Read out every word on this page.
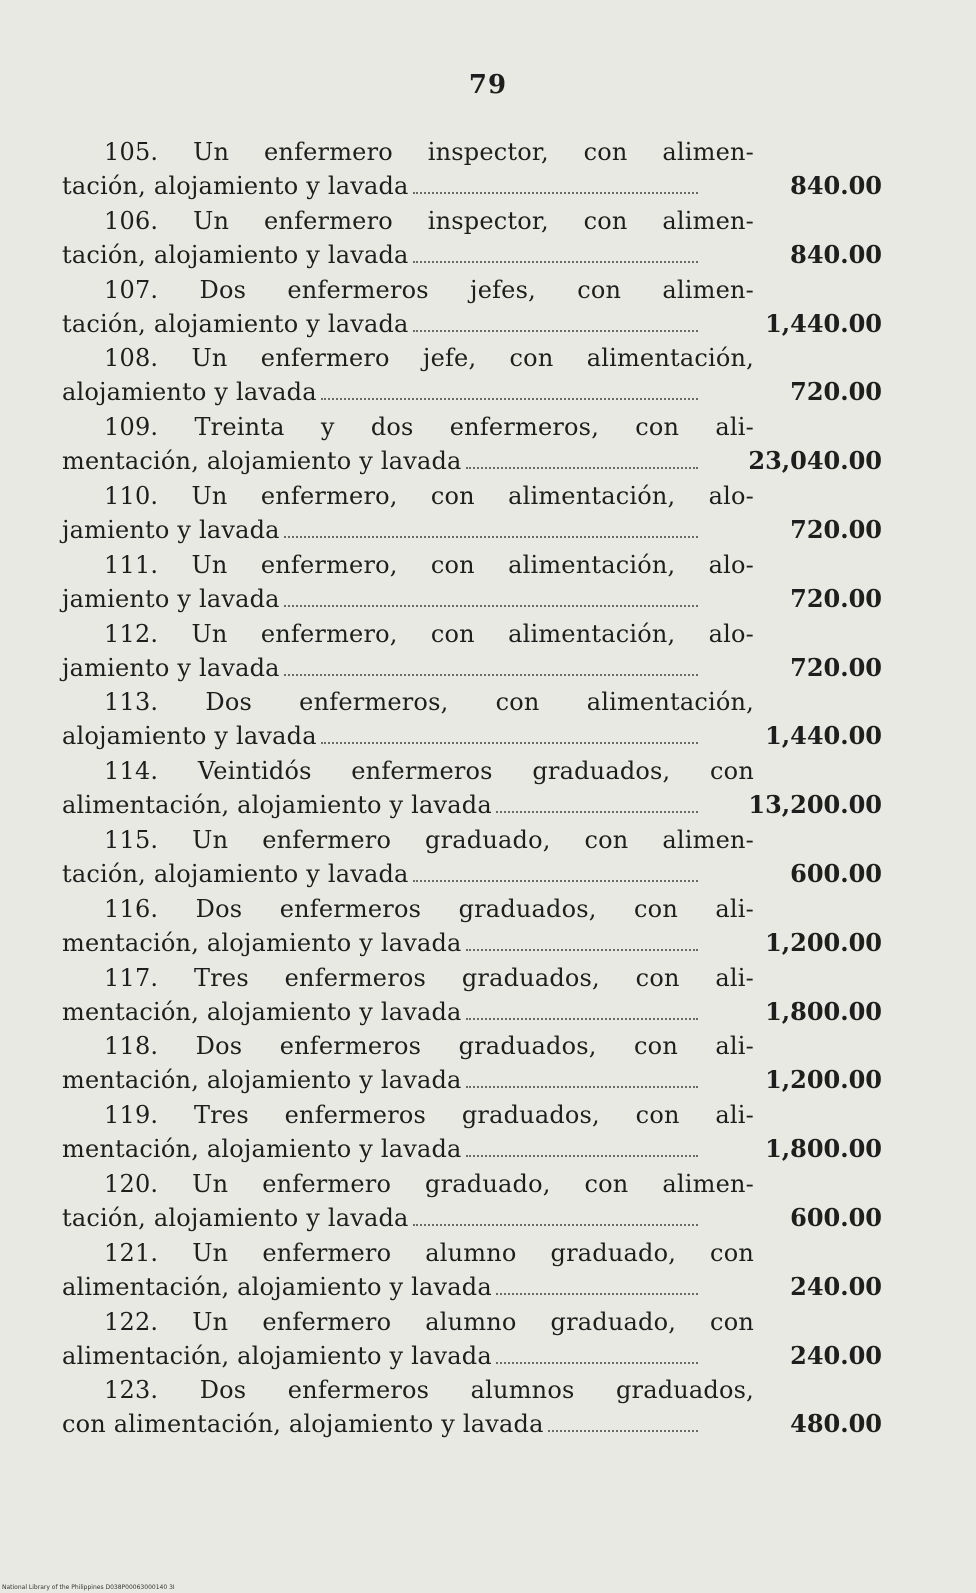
79
105. Un enfermero inspector, con alimen-
tación, alojamiento y lavada	840.00
106. Un enfermero inspector, con alimen-
tación, alojamiento y lavada	840.00
107. Dos enfermeros jefes, con alimen-
tación, alojamiento y lavada	1,440.00
108. Un enfermero jefe, con alimentación,
alojamiento y lavada	720.00
109. Treinta y dos enfermeros, con ali-
mentación, alojamiento y lavada	23,040.00
110. Un enfermero, con alimentación, alo-
jamiento y lavada	720.00
111. Un enfermero, con alimentación, alo-
jamiento y lavada	720.00
112. Un enfermero, con alimentación, alo-
jamiento y lavada	720.00
113. Dos enfermeros, con alimentación,
alojamiento y lavada	1,440.00
114. Veintidós enfermeros graduados, con
alimentación, alojamiento y lavada	13,200.00
115. Un enfermero graduado, con alimen-
tación, alojamiento y lavada	600.00
116. Dos enfermeros graduados, con ali-
mentación, alojamiento y lavada	1,200.00
117. Tres enfermeros graduados, con ali-
mentación, alojamiento y lavada	1,800.00
118. Dos enfermeros graduados, con ali-
mentación, alojamiento y lavada	1,200.00
119. Tres enfermeros graduados, con ali-
mentación, alojamiento y lavada	1,800.00
120. Un enfermero graduado, con alimen-
tación, alojamiento y lavada	600.00
121. Un enfermero alumno graduado, con
alimentación, alojamiento y lavada	240.00
122. Un enfermero alumno graduado, con
alimentación, alojamiento y lavada	240.00
123. Dos enfermeros alumnos graduados,
con alimentación, alojamiento y lavada	480.00
National Library of the Philippines D038P00063000140 3I
